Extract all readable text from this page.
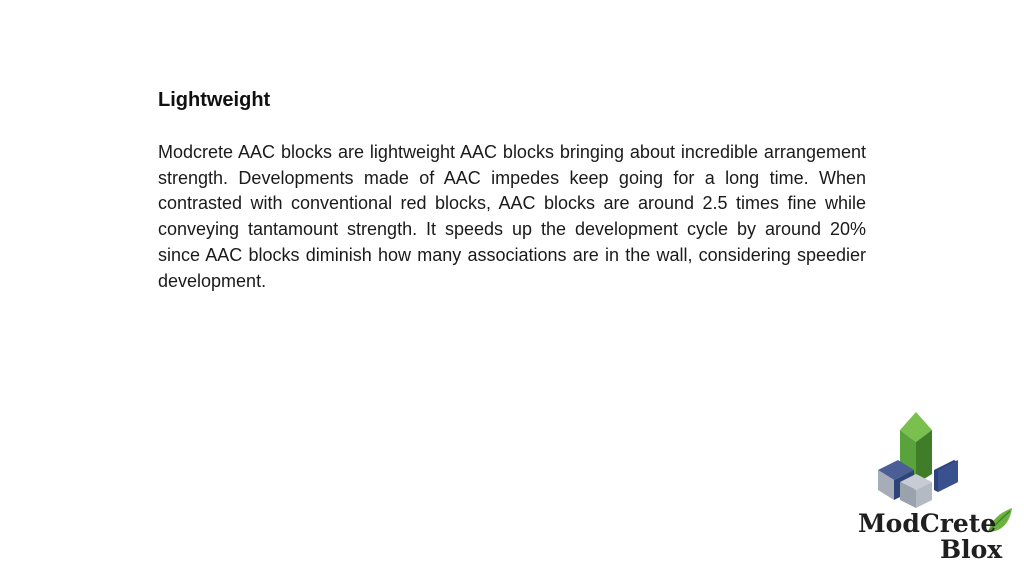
Lightweight

Modcrete AAC blocks are lightweight AAC blocks bringing about incredible arrangement strength. Developments made of AAC impedes keep going for a long time. When contrasted with conventional red blocks, AAC blocks are around 2.5 times fine while conveying tantamount strength. It speeds up the development cycle by around 20% since AAC blocks diminish how many associations are in the wall, considering speedier development.

ModCrete
Blox
